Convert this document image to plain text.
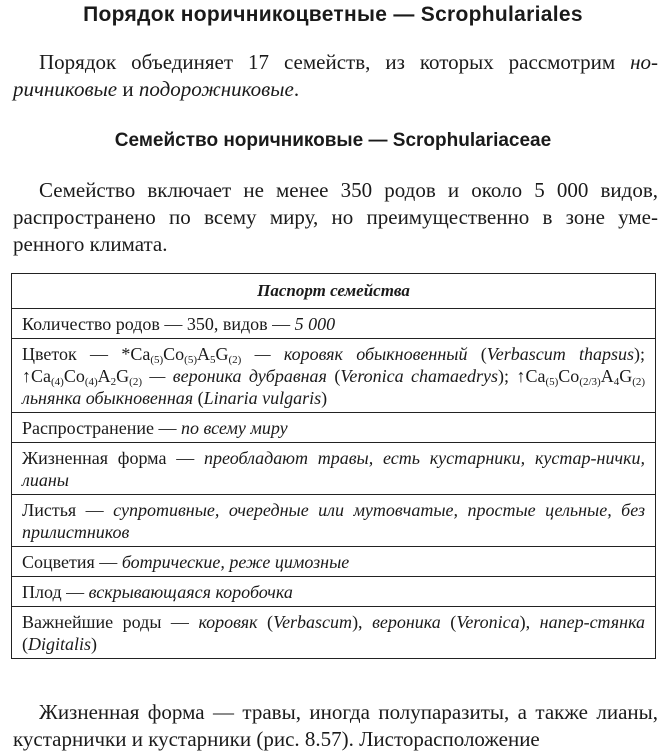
Порядок норичникоцветные — Scrophulariales

Порядок объединяет 17 семейств, из которых рассмотрим но-ричниковые и подорожниковые.

Семейство норичниковые — Scrophulariaceae

Семейство включает не менее 350 родов и около 5 000 видов, распространено по всему миру, но преимущественно в зоне уме-ренного климата.

Паспорт семейства
Количество родов — 350, видов — 5 000
Цветок — $*Ca_{(5)}Co_{(5)}A_5G_{(2)}$ — коровяк обыкновенный (Verbascum thapsus); $↑Ca_{(4)}Co_{(4)}A_2G_{(2)}$ — вероника дубравная (Veronica chamaedrys); $↑Ca_{(5)}Co_{(2/3)}A_4G_{(2)}$ льнянка обыкновенная (Linaria vulgaris)
Распространение — по всему миру
Жизненная форма — преобладают травы, есть кустарники, кустар-нички, лианы
Листья — супротивные, очередные или мутовчатые, простые цельные, без прилистников
Соцветия — ботрические, реже цимозные
Плод — вскрывающаяся коробочка
Важнейшие роды — коровяк (Verbascum), вероника (Veronica), напер-стянка (Digitalis)

Жизненная форма — травы, иногда полупаразиты, а также лианы, кустарнички и кустарники (рис. 8.57). Листорасположение
